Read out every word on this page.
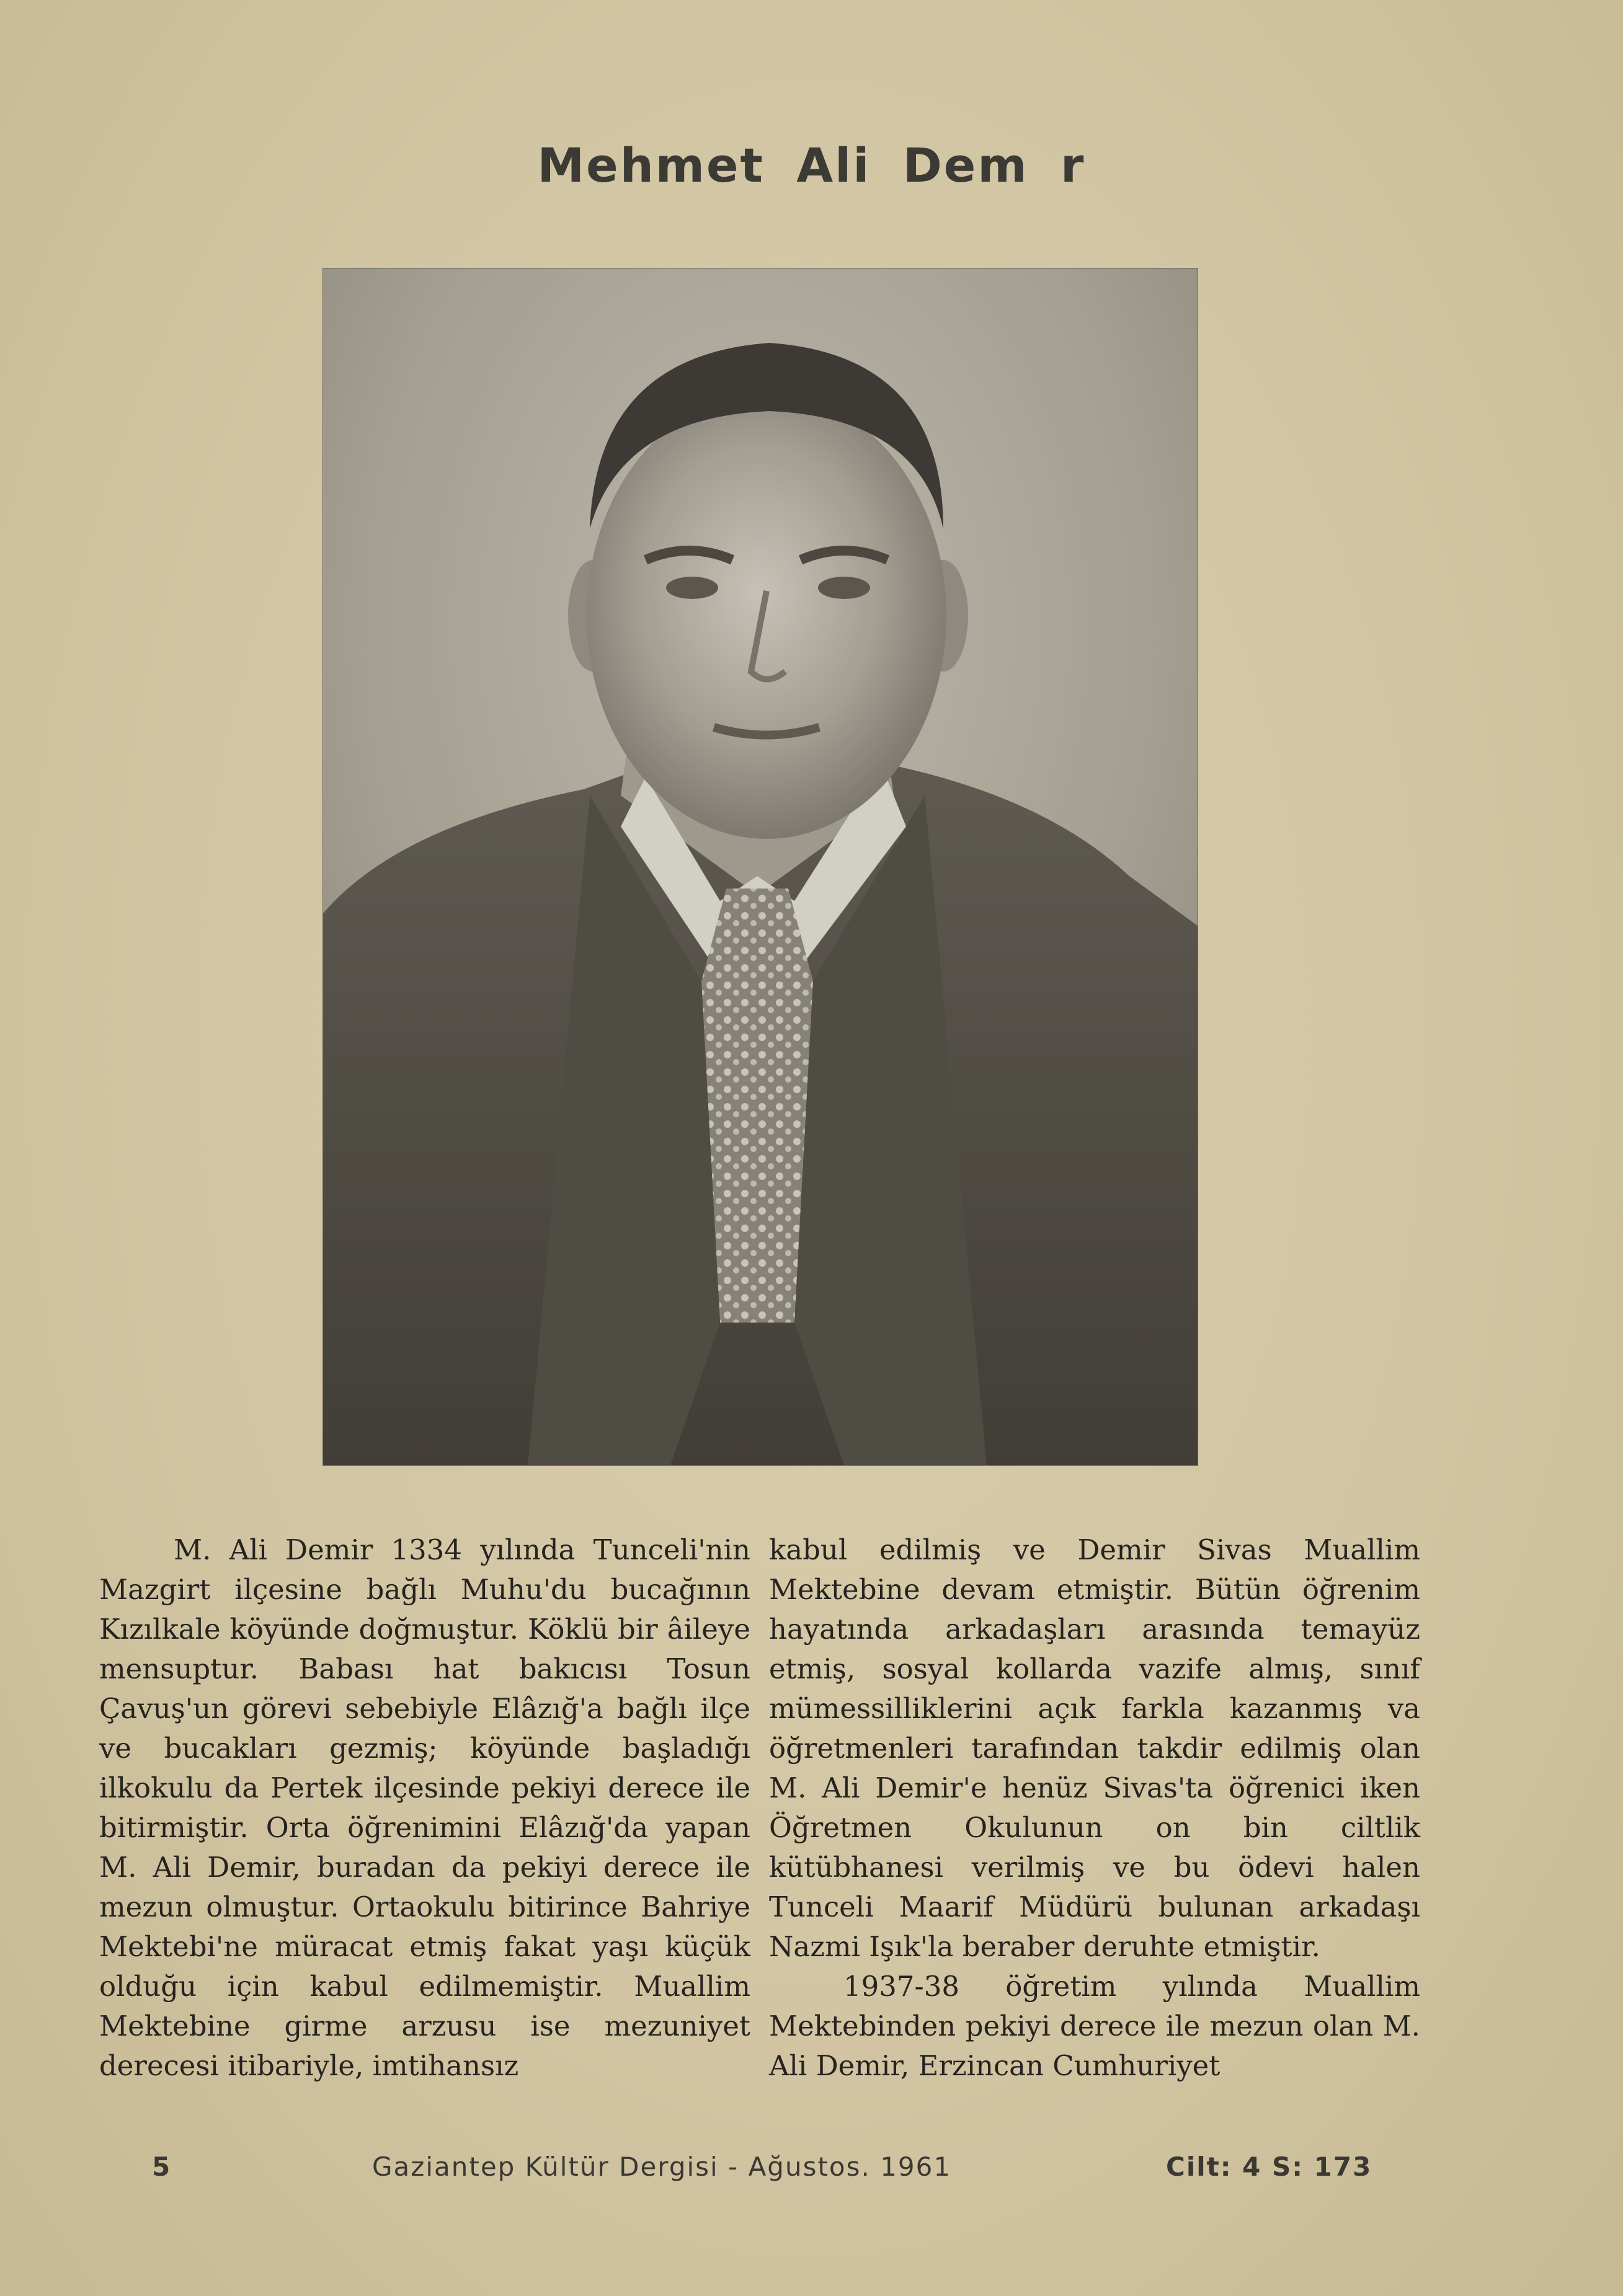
Mehmet Ali Dem r

M. Ali Demir 1334 yılında Tunceli'nin Mazgirt ilçesine bağlı Muhu'du bucağının Kızılkale köyünde doğmuştur. Köklü bir âileye mensuptur. Babası hat bakıcısı Tosun Çavuş'un görevi sebebiyle Elâzığ'a bağlı ilçe ve bucakları gezmiş; köyünde başladığı ilkokulu da Pertek ilçesinde pekiyi derece ile bitirmiştir. Orta öğrenimini Elâzığ'da yapan M. Ali Demir, buradan da pekiyi derece ile mezun olmuştur. Ortaokulu bitirince Bahriye Mektebi'ne müracat etmiş fakat yaşı küçük olduğu için kabul edilmemiştir. Muallim Mektebine girme arzusu ise mezuniyet derecesi itibariyle, imtihansız

kabul edilmiş ve Demir Sivas Muallim Mektebine devam etmiştir. Bütün öğrenim hayatında arkadaşları arasında temayüz etmiş, sosyal kollarda vazife almış, sınıf mümessilliklerini açık farkla kazanmış va öğretmenleri tarafından takdir edilmiş olan M. Ali Demir'e henüz Sivas'ta öğrenici iken Öğretmen Okulunun on bin ciltlik kütübhanesi verilmiş ve bu ödevi halen Tunceli Maarif Müdürü bulunan arkadaşı Nazmi Işık'la beraber deruhte etmiştir.

1937-38 öğretim yılında Muallim Mektebinden pekiyi derece ile mezun olan M. Ali Demir, Erzincan Cumhuriyet

5	Gaziantep Kültür Dergisi - Ağustos. 1961	Cilt: 4 S: 173
